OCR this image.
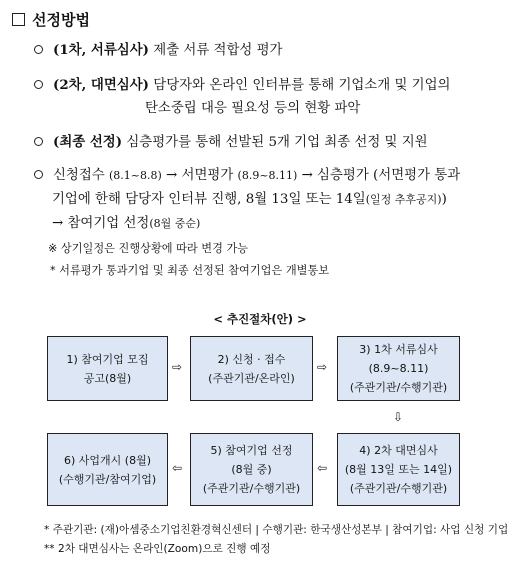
선정방법
(1차, 서류심사) 제출 서류 적합성 평가
(2차, 대면심사) 담당자와 온라인 인터뷰를 통해 기업소개 및 기업의
탄소중립 대응 필요성 등의 현황 파악
(최종 선정) 심층평가를 통해 선발된 5개 기업 최종 선정 및 지원
신청접수 (8.1~8.8) → 서면평가 (8.9~8.11) → 심층평가 (서면평가 통과
기업에 한해 담당자 인터뷰 진행, 8월 13일 또는 14일(일정 추후공지))
→ 참여기업 선정(8월 중순)
※ 상기일정은 진행상황에 따라 변경 가능
* 서류평가 통과기업 및 최종 선정된 참여기업은 개별통보
< 추진절차(안) >
1) 참여기업 모집
공고(8월)
⇨
2) 신청 · 접수
(주관기관/온라인)
⇨
3) 1차 서류심사
(8.9~8.11)
(주관기관/수행기관)
⇩
6) 사업개시 (8월)
(수행기관/참여기업)
⇦
5) 참여기업 선정
(8월 중)
(주관기관/수행기관)
⇦
4) 2차 대면심사
(8월 13일 또는 14일)
(주관기관/수행기관)
* 주관기관: (재)아셈중소기업친환경혁신센터 | 수행기관: 한국생산성본부 | 참여기업: 사업 신청 기업
** 2차 대면심사는 온라인(Zoom)으로 진행 예정
